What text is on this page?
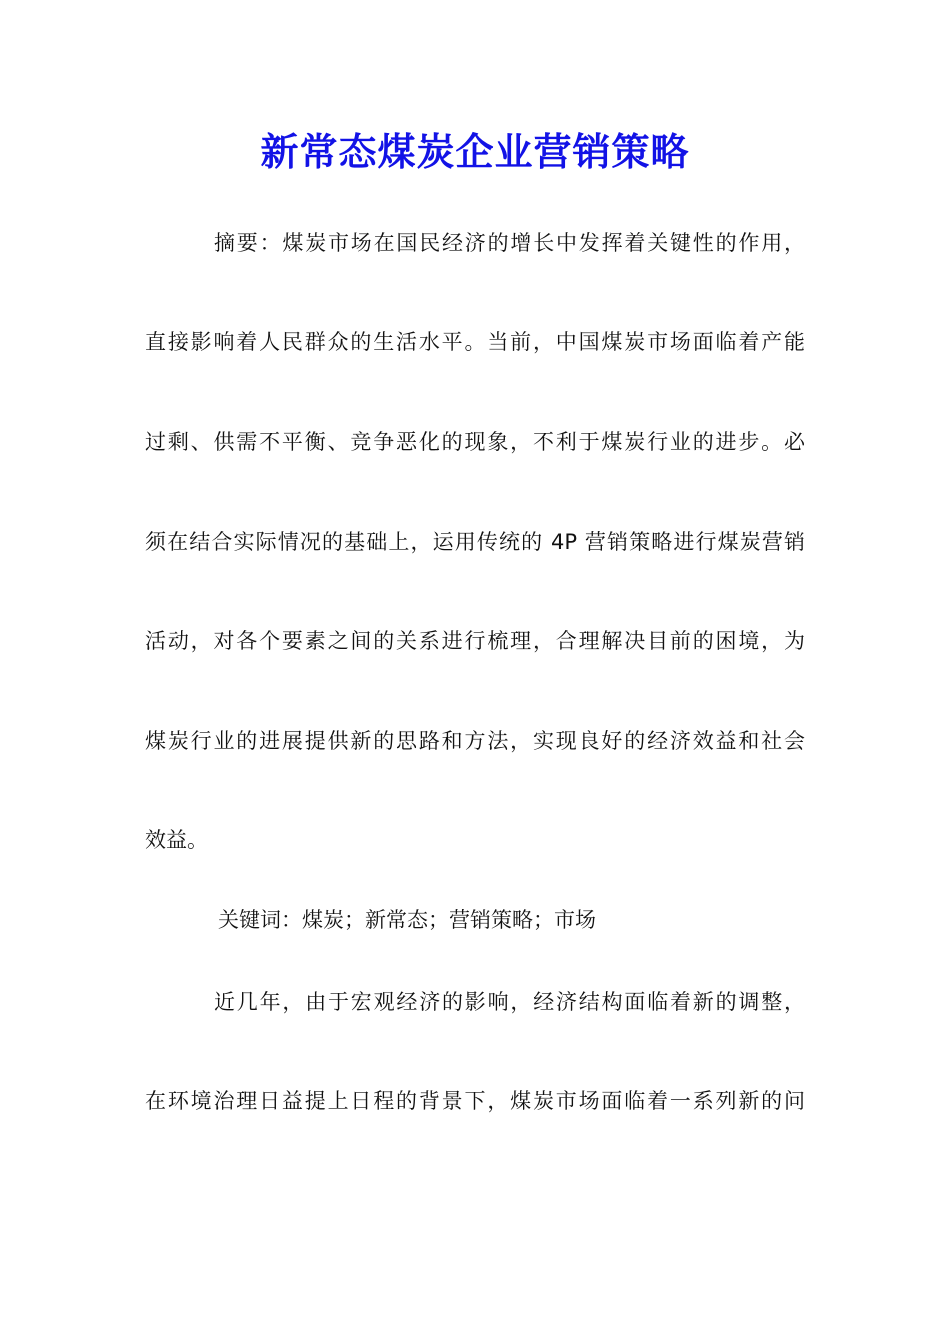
新常态煤炭企业营销策略
摘要：煤炭市场在国民经济的增长中发挥着关键性的作用，
直接影响着人民群众的生活水平。当前，中国煤炭市场面临着产能
过剩、供需不平衡、竞争恶化的现象，不利于煤炭行业的进步。必
须在结合实际情况的基础上，运用传统的 4P 营销策略进行煤炭营销
活动，对各个要素之间的关系进行梳理，合理解决目前的困境，为
煤炭行业的进展提供新的思路和方法，实现良好的经济效益和社会
效益。
关键词：煤炭；新常态；营销策略；市场
近几年，由于宏观经济的影响，经济结构面临着新的调整，
在环境治理日益提上日程的背景下，煤炭市场面临着一系列新的问
